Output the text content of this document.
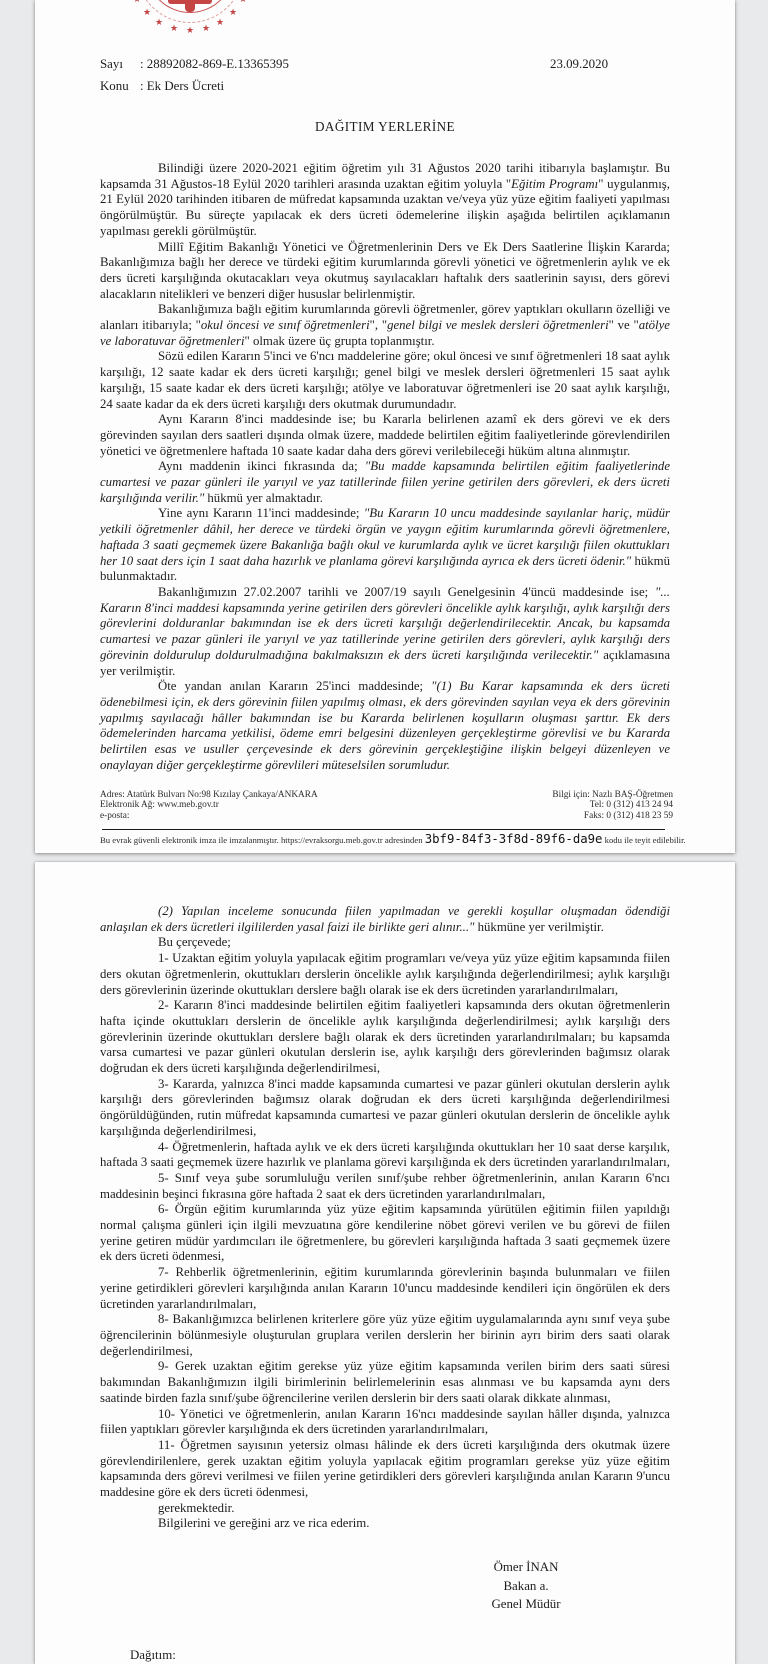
★
★
★
★
★
★
★
★
★
Sayı	: 28892082-869-E.13365395
Konu : Ek Ders Ücreti
23.09.2020
DAĞITIM YERLERİNE

Bilindiği üzere 2020-2021 eğitim öğretim yılı 31 Ağustos 2020 tarihi itibarıyla başlamıştır. Bu kapsamda 31 Ağustos-18 Eylül 2020 tarihleri arasında uzaktan eğitim yoluyla "Eğitim Programı" uygulanmış, 21 Eylül 2020 tarihinden itibaren de müfredat kapsamında uzaktan ve/veya yüz yüze eğitim faaliyeti yapılması öngörülmüştür. Bu süreçte yapılacak ek ders ücreti ödemelerine ilişkin aşağıda belirtilen açıklamanın yapılması gerekli görülmüştür.

Millî Eğitim Bakanlığı Yönetici ve Öğretmenlerinin Ders ve Ek Ders Saatlerine İlişkin Kararda; Bakanlığımıza bağlı her derece ve türdeki eğitim kurumlarında görevli yönetici ve öğretmenlerin aylık ve ek ders ücreti karşılığında okutacakları veya okutmuş sayılacakları haftalık ders saatlerinin sayısı, ders görevi alacakların nitelikleri ve benzeri diğer hususlar belirlenmiştir.

Bakanlığımıza bağlı eğitim kurumlarında görevli öğretmenler, görev yaptıkları okulların özelliği ve alanları itibarıyla; "okul öncesi ve sınıf öğretmenleri", "genel bilgi ve meslek dersleri öğretmenleri" ve "atölye ve laboratuvar öğretmenleri" olmak üzere üç grupta toplanmıştır.

Sözü edilen Kararın 5'inci ve 6'ncı maddelerine göre; okul öncesi ve sınıf öğretmenleri 18 saat aylık karşılığı, 12 saate kadar ek ders ücreti karşılığı; genel bilgi ve meslek dersleri öğretmenleri 15 saat aylık karşılığı, 15 saate kadar ek ders ücreti karşılığı; atölye ve laboratuvar öğretmenleri ise 20 saat aylık karşılığı, 24 saate kadar da ek ders ücreti karşılığı ders okutmak durumundadır.

Aynı Kararın 8'inci maddesinde ise; bu Kararla belirlenen azamî ek ders görevi ve ek ders görevinden sayılan ders saatleri dışında olmak üzere, maddede belirtilen eğitim faaliyetlerinde görevlendirilen yönetici ve öğretmenlere haftada 10 saate kadar daha ders görevi verilebileceği hüküm altına alınmıştır.

Aynı maddenin ikinci fıkrasında da; "Bu madde kapsamında belirtilen eğitim faaliyetlerinde cumartesi ve pazar günleri ile yarıyıl ve yaz tatillerinde fiilen yerine getirilen ders görevleri, ek ders ücreti karşılığında verilir." hükmü yer almaktadır.

Yine aynı Kararın 11'inci maddesinde; "Bu Kararın 10 uncu maddesinde sayılanlar hariç, müdür yetkili öğretmenler dâhil, her derece ve türdeki örgün ve yaygın eğitim kurumlarında görevli öğretmenlere, haftada 3 saati geçmemek üzere Bakanlığa bağlı okul ve kurumlarda aylık ve ücret karşılığı fiilen okuttukları her 10 saat ders için 1 saat daha hazırlık ve planlama görevi karşılığında ayrıca ek ders ücreti ödenir." hükmü bulunmaktadır.

Bakanlığımızın 27.02.2007 tarihli ve 2007/19 sayılı Genelgesinin 4'üncü maddesinde ise; "... Kararın 8'inci maddesi kapsamında yerine getirilen ders görevleri öncelikle aylık karşılığı, aylık karşılığı ders görevlerini dolduranlar bakımından ise ek ders ücreti karşılığı değerlendirilecektir. Ancak, bu kapsamda cumartesi ve pazar günleri ile yarıyıl ve yaz tatillerinde yerine getirilen ders görevleri, aylık karşılığı ders görevinin doldurulup doldurulmadığına bakılmaksızın ek ders ücreti karşılığında verilecektir." açıklamasına yer verilmiştir.

Öte yandan anılan Kararın 25'inci maddesinde; "(1) Bu Karar kapsamında ek ders ücreti ödenebilmesi için, ek ders görevinin fiilen yapılmış olması, ek ders görevinden sayılan veya ek ders görevinin yapılmış sayılacağı hâller bakımından ise bu Kararda belirlenen koşulların oluşması şarttır. Ek ders ödemelerinden harcama yetkilisi, ödeme emri belgesini düzenleyen gerçekleştirme görevlisi ve bu Kararda belirtilen esas ve usuller çerçevesinde ek ders görevinin gerçekleştiğine ilişkin belgeyi düzenleyen ve onaylayan diğer gerçekleştirme görevlileri müteselsilen sorumludur.

Adres: Atatürk Bulvarı No:98 Kızılay Çankaya/ANKARA
Elektronik Ağ: www.meb.gov.tr
e-posta:
Bilgi için: Nazlı BAŞ-Öğretmen
Tel: 0 (312) 413 24 94
Faks: 0 (312) 418 23 59
Bu evrak güvenli elektronik imza ile imzalanmıştır. https://evraksorgu.meb.gov.tr adresinden 3bf9-84f3-3f8d-89f6-da9e kodu ile teyit edilebilir.

(2) Yapılan inceleme sonucunda fiilen yapılmadan ve gerekli koşullar oluşmadan ödendiği anlaşılan ek ders ücretleri ilgililerden yasal faizi ile birlikte geri alınır..." hükmüne yer verilmiştir.

Bu çerçevede;

1- Uzaktan eğitim yoluyla yapılacak eğitim programları ve/veya yüz yüze eğitim kapsamında fiilen ders okutan öğretmenlerin, okuttukları derslerin öncelikle aylık karşılığında değerlendirilmesi; aylık karşılığı ders görevlerinin üzerinde okuttukları derslere bağlı olarak ise ek ders ücretinden yararlandırılmaları,

2- Kararın 8'inci maddesinde belirtilen eğitim faaliyetleri kapsamında ders okutan öğretmenlerin hafta içinde okuttukları derslerin de öncelikle aylık karşılığında değerlendirilmesi; aylık karşılığı ders görevlerinin üzerinde okuttukları derslere bağlı olarak ek ders ücretinden yararlandırılmaları; bu kapsamda varsa cumartesi ve pazar günleri okutulan derslerin ise, aylık karşılığı ders görevlerinden bağımsız olarak doğrudan ek ders ücreti karşılığında değerlendirilmesi,

3- Kararda, yalnızca 8'inci madde kapsamında cumartesi ve pazar günleri okutulan derslerin aylık karşılığı ders görevlerinden bağımsız olarak doğrudan ek ders ücreti karşılığında değerlendirilmesi öngörüldüğünden, rutin müfredat kapsamında cumartesi ve pazar günleri okutulan derslerin de öncelikle aylık karşılığında değerlendirilmesi,

4- Öğretmenlerin, haftada aylık ve ek ders ücreti karşılığında okuttukları her 10 saat derse karşılık, haftada 3 saati geçmemek üzere hazırlık ve planlama görevi karşılığında ek ders ücretinden yararlandırılmaları,

5- Sınıf veya şube sorumluluğu verilen sınıf/şube rehber öğretmenlerinin, anılan Kararın 6'ncı maddesinin beşinci fıkrasına göre haftada 2 saat ek ders ücretinden yararlandırılmaları,

6- Örgün eğitim kurumlarında yüz yüze eğitim kapsamında yürütülen eğitimin fiilen yapıldığı normal çalışma günleri için ilgili mevzuatına göre kendilerine nöbet görevi verilen ve bu görevi de fiilen yerine getiren müdür yardımcıları ile öğretmenlere, bu görevleri karşılığında haftada 3 saati geçmemek üzere ek ders ücreti ödenmesi,

7- Rehberlik öğretmenlerinin, eğitim kurumlarında görevlerinin başında bulunmaları ve fiilen yerine getirdikleri görevleri karşılığında anılan Kararın 10'uncu maddesinde kendileri için öngörülen ek ders ücretinden yararlandırılmaları,

8- Bakanlığımızca belirlenen kriterlere göre yüz yüze eğitim uygulamalarında aynı sınıf veya şube öğrencilerinin bölünmesiyle oluşturulan gruplara verilen derslerin her birinin ayrı birim ders saati olarak değerlendirilmesi,

9- Gerek uzaktan eğitim gerekse yüz yüze eğitim kapsamında verilen birim ders saati süresi bakımından Bakanlığımızın ilgili birimlerinin belirlemelerinin esas alınması ve bu kapsamda aynı ders saatinde birden fazla sınıf/şube öğrencilerine verilen derslerin bir ders saati olarak dikkate alınması,

10- Yönetici ve öğretmenlerin, anılan Kararın 16'ncı maddesinde sayılan hâller dışında, yalnızca fiilen yaptıkları görevler karşılığında ek ders ücretinden yararlandırılmaları,

11- Öğretmen sayısının yetersiz olması hâlinde ek ders ücreti karşılığında ders okutmak üzere görevlendirilenlere, gerek uzaktan eğitim yoluyla yapılacak eğitim programları gerekse yüz yüze eğitim kapsamında ders görevi verilmesi ve fiilen yerine getirdikleri ders görevleri karşılığında anılan Kararın 9'uncu maddesine göre ek ders ücreti ödenmesi,

gerekmektedir.

Bilgilerini ve gereğini arz ve rica ederim.

Ömer İNAN
Bakan a.
Genel Müdür
Dağıtım:
